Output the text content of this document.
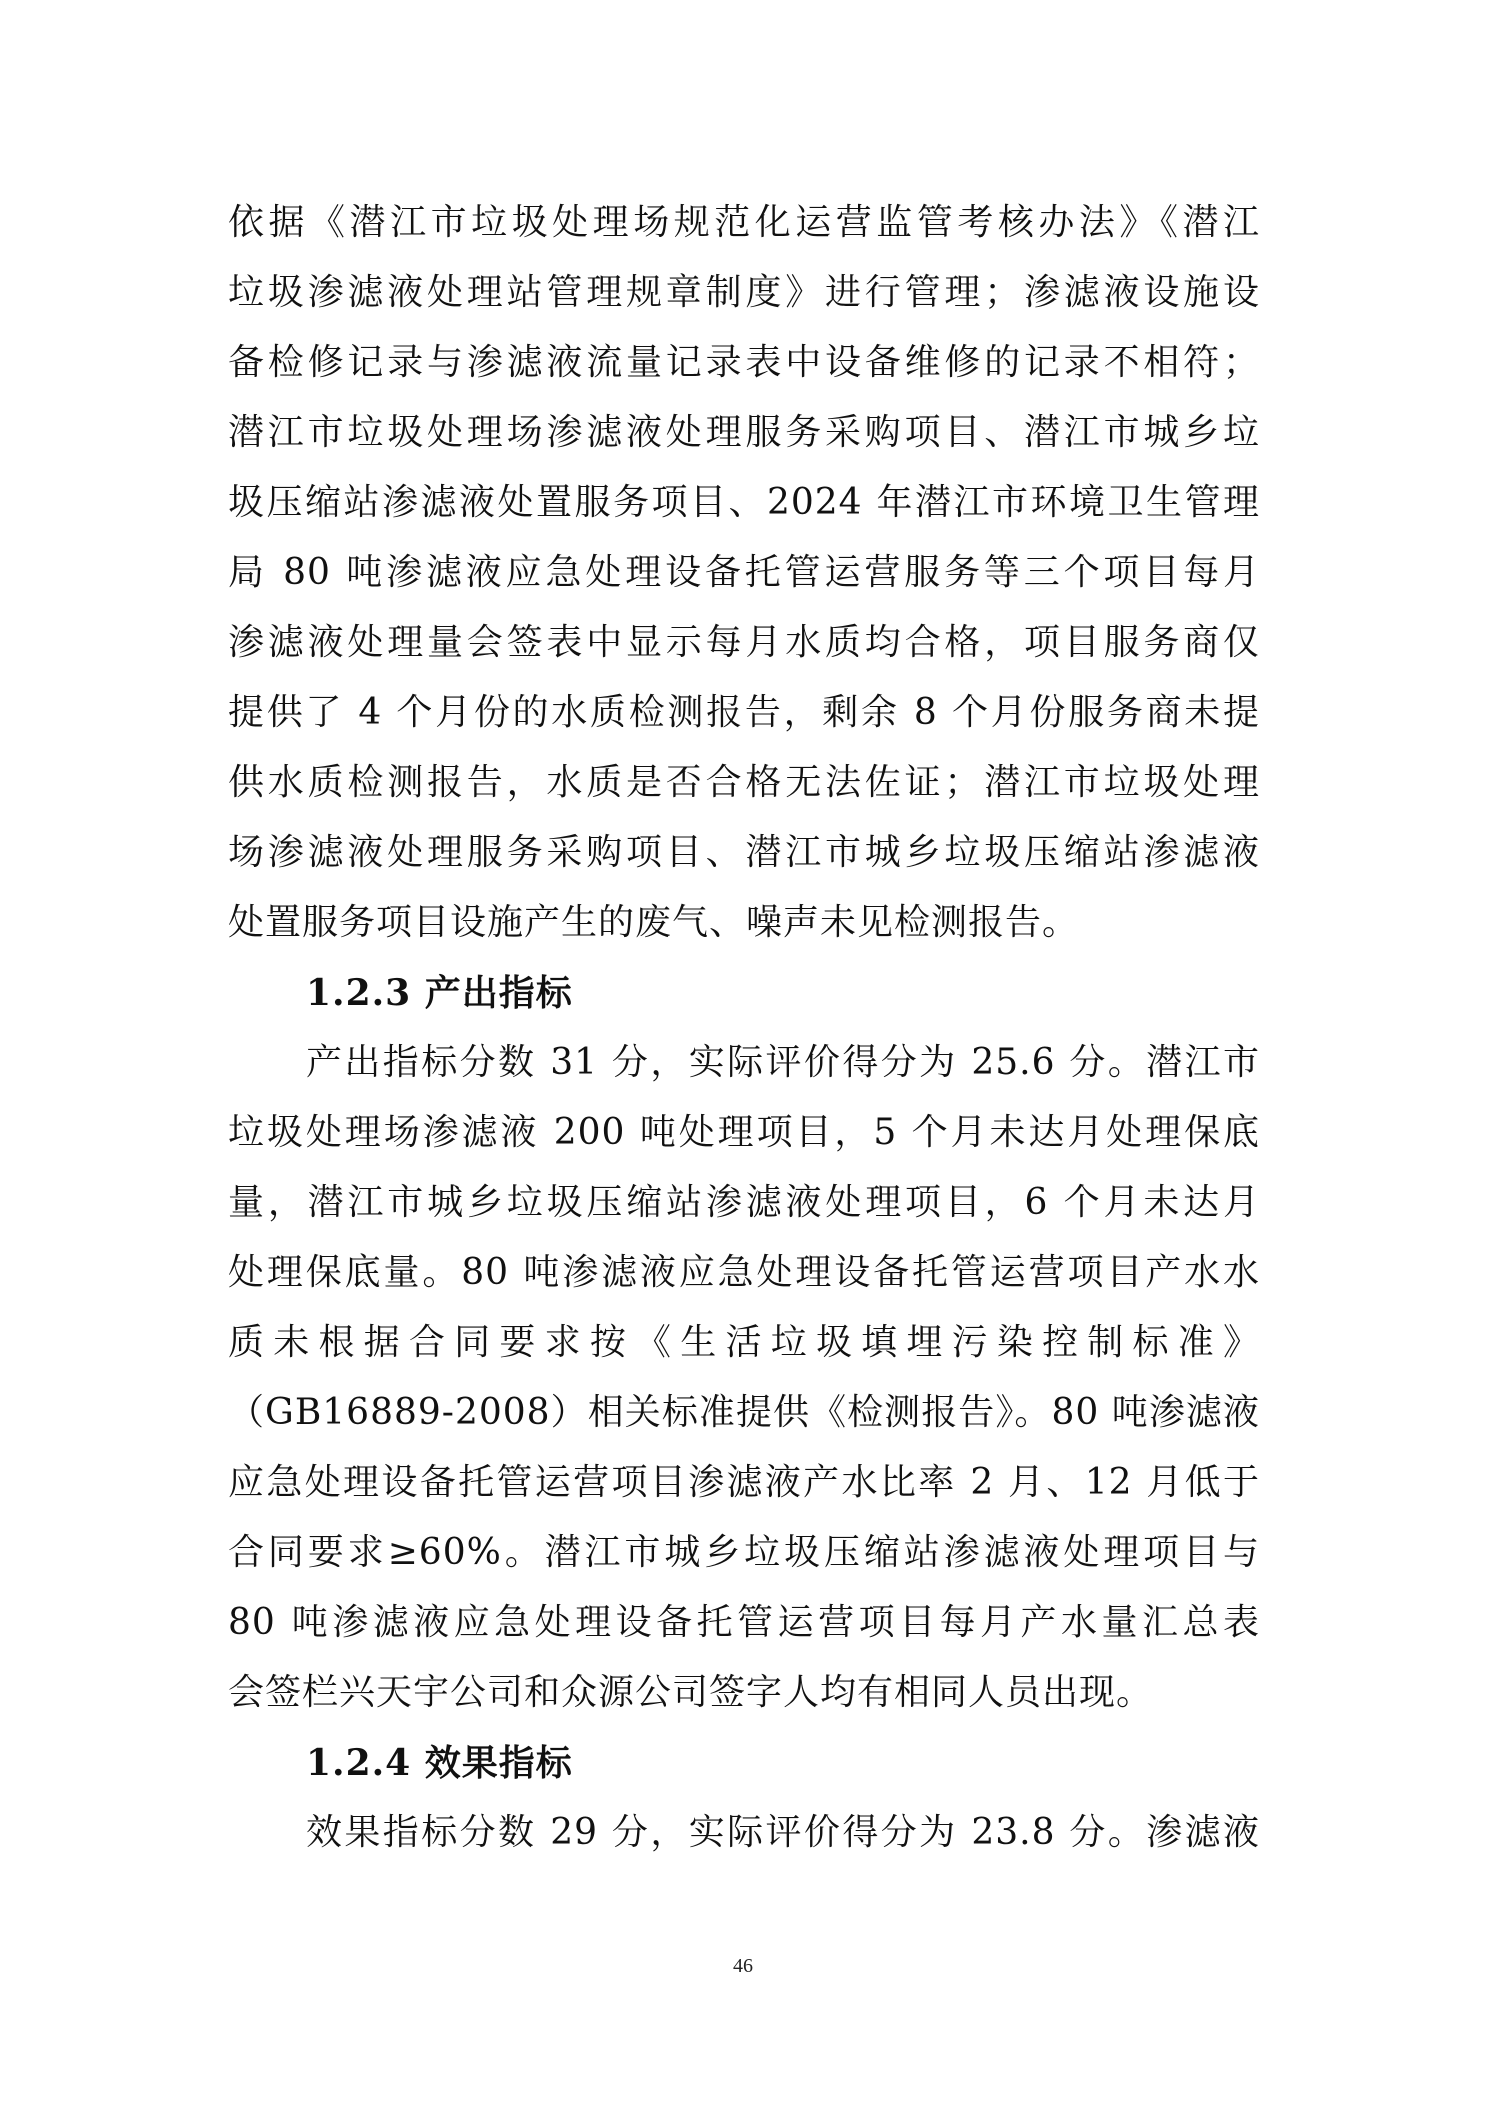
依据《潜江市垃圾处理场规范化运营监管考核办法》《潜江
垃圾渗滤液处理站管理规章制度》进行管理；渗滤液设施设
备检修记录与渗滤液流量记录表中设备维修的记录不相符；
潜江市垃圾处理场渗滤液处理服务采购项目、潜江市城乡垃
圾压缩站渗滤液处置服务项目、2024 年潜江市环境卫生管理
局 80 吨渗滤液应急处理设备托管运营服务等三个项目每月
渗滤液处理量会签表中显示每月水质均合格，项目服务商仅
提供了 4 个月份的水质检测报告，剩余 8 个月份服务商未提
供水质检测报告，水质是否合格无法佐证；潜江市垃圾处理
场渗滤液处理服务采购项目、潜江市城乡垃圾压缩站渗滤液
处置服务项目设施产生的废气、噪声未见检测报告。
1.2.3 产出指标
产出指标分数 31 分，实际评价得分为 25.6 分。潜江市
垃圾处理场渗滤液 200 吨处理项目，5 个月未达月处理保底
量，潜江市城乡垃圾压缩站渗滤液处理项目，6 个月未达月
处理保底量。80 吨渗滤液应急处理设备托管运营项目产水水
质未根据合同要求按《生活垃圾填埋污染控制标准》
（GB16889-2008）相关标准提供《检测报告》。80 吨渗滤液
应急处理设备托管运营项目渗滤液产水比率 2 月、12 月低于
合同要求≥60%。潜江市城乡垃圾压缩站渗滤液处理项目与
80 吨渗滤液应急处理设备托管运营项目每月产水量汇总表
会签栏兴天宇公司和众源公司签字人均有相同人员出现。
1.2.4 效果指标
效果指标分数 29 分，实际评价得分为 23.8 分。渗滤液
46
